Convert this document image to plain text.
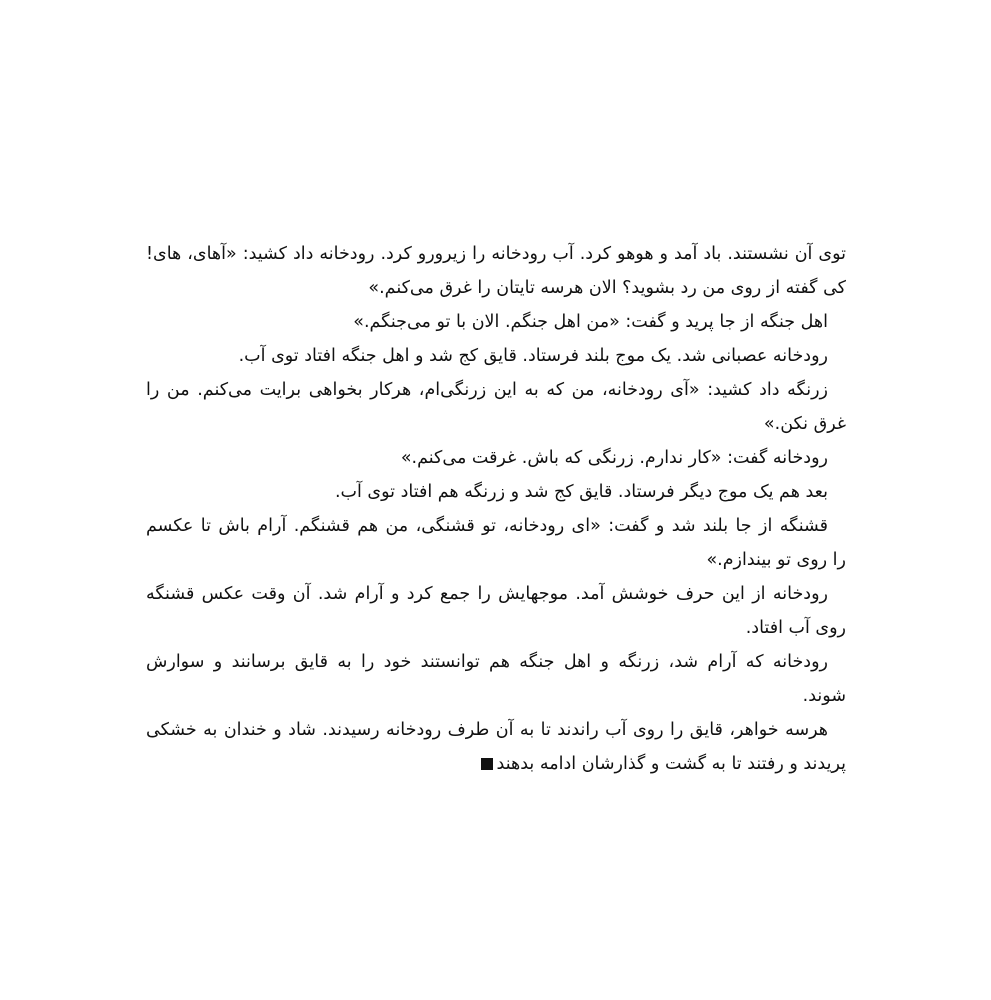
توی آن نشستند. باد آمد و هوهو کرد. آب رودخانه را زیرورو کرد. رودخانه داد کشید: «آهای، های!
کی گفته از روی من رد بشوید؟ الان هرسه تایتان را غرق می‌کنم.»
اهل جنگه از جا پرید و گفت: «من اهل جنگم. الان با تو می‌جنگم.»
رودخانه عصبانی شد. یک موج بلند فرستاد. قایق کج شد و اهل جنگه افتاد توی آب.
زرنگه داد کشید: «آی رودخانه، من که به این زرنگی‌ام، هرکار بخواهی برایت می‌کنم. من را
غرق نکن.»
رودخانه گفت: «کار ندارم. زرنگی که باش. غرقت می‌کنم.»
بعد هم یک موج دیگر فرستاد. قایق کج شد و زرنگه هم افتاد توی آب.
قشنگه از جا بلند شد و گفت: «ای رودخانه، تو قشنگی، من هم قشنگم. آرام باش تا عکسم
را روی تو بیندازم.»
رودخانه از این حرف خوشش آمد. موجهایش را جمع کرد و آرام شد. آن وقت عکس قشنگه
روی آب افتاد.
رودخانه که آرام شد، زرنگه و اهل جنگه هم توانستند خود را به قایق برسانند و سوارش
شوند.
هرسه خواهر، قایق را روی آب راندند تا به آن طرف رودخانه رسیدند. شاد و خندان به خشکی
پریدند و رفتند تا به گشت و گذارشان ادامه بدهند
